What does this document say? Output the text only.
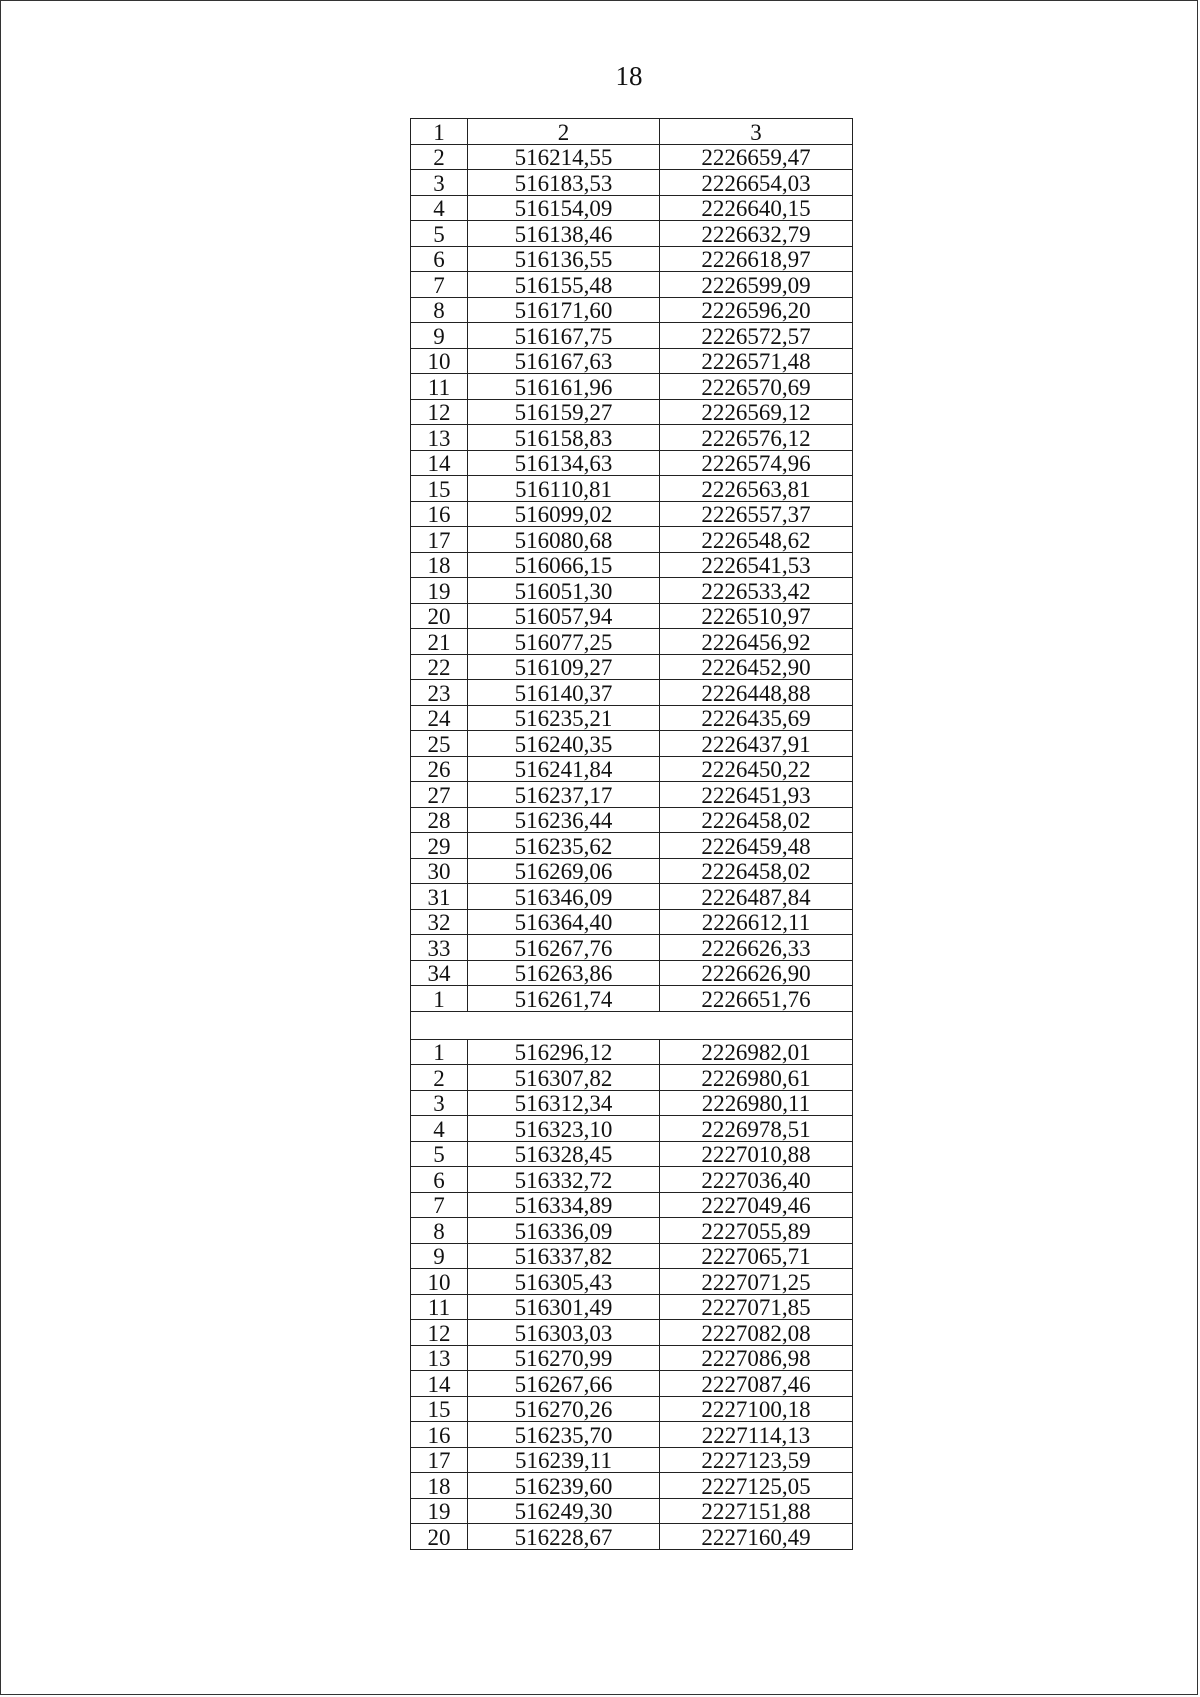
18
1	2	3
2	516214,55	2226659,47
3	516183,53	2226654,03
4	516154,09	2226640,15
5	516138,46	2226632,79
6	516136,55	2226618,97
7	516155,48	2226599,09
8	516171,60	2226596,20
9	516167,75	2226572,57
10	516167,63	2226571,48
11	516161,96	2226570,69
12	516159,27	2226569,12
13	516158,83	2226576,12
14	516134,63	2226574,96
15	516110,81	2226563,81
16	516099,02	2226557,37
17	516080,68	2226548,62
18	516066,15	2226541,53
19	516051,30	2226533,42
20	516057,94	2226510,97
21	516077,25	2226456,92
22	516109,27	2226452,90
23	516140,37	2226448,88
24	516235,21	2226435,69
25	516240,35	2226437,91
26	516241,84	2226450,22
27	516237,17	2226451,93
28	516236,44	2226458,02
29	516235,62	2226459,48
30	516269,06	2226458,02
31	516346,09	2226487,84
32	516364,40	2226612,11
33	516267,76	2226626,33
34	516263,86	2226626,90
1	516261,74	2226651,76

1	516296,12	2226982,01
2	516307,82	2226980,61
3	516312,34	2226980,11
4	516323,10	2226978,51
5	516328,45	2227010,88
6	516332,72	2227036,40
7	516334,89	2227049,46
8	516336,09	2227055,89
9	516337,82	2227065,71
10	516305,43	2227071,25
11	516301,49	2227071,85
12	516303,03	2227082,08
13	516270,99	2227086,98
14	516267,66	2227087,46
15	516270,26	2227100,18
16	516235,70	2227114,13
17	516239,11	2227123,59
18	516239,60	2227125,05
19	516249,30	2227151,88
20	516228,67	2227160,49
